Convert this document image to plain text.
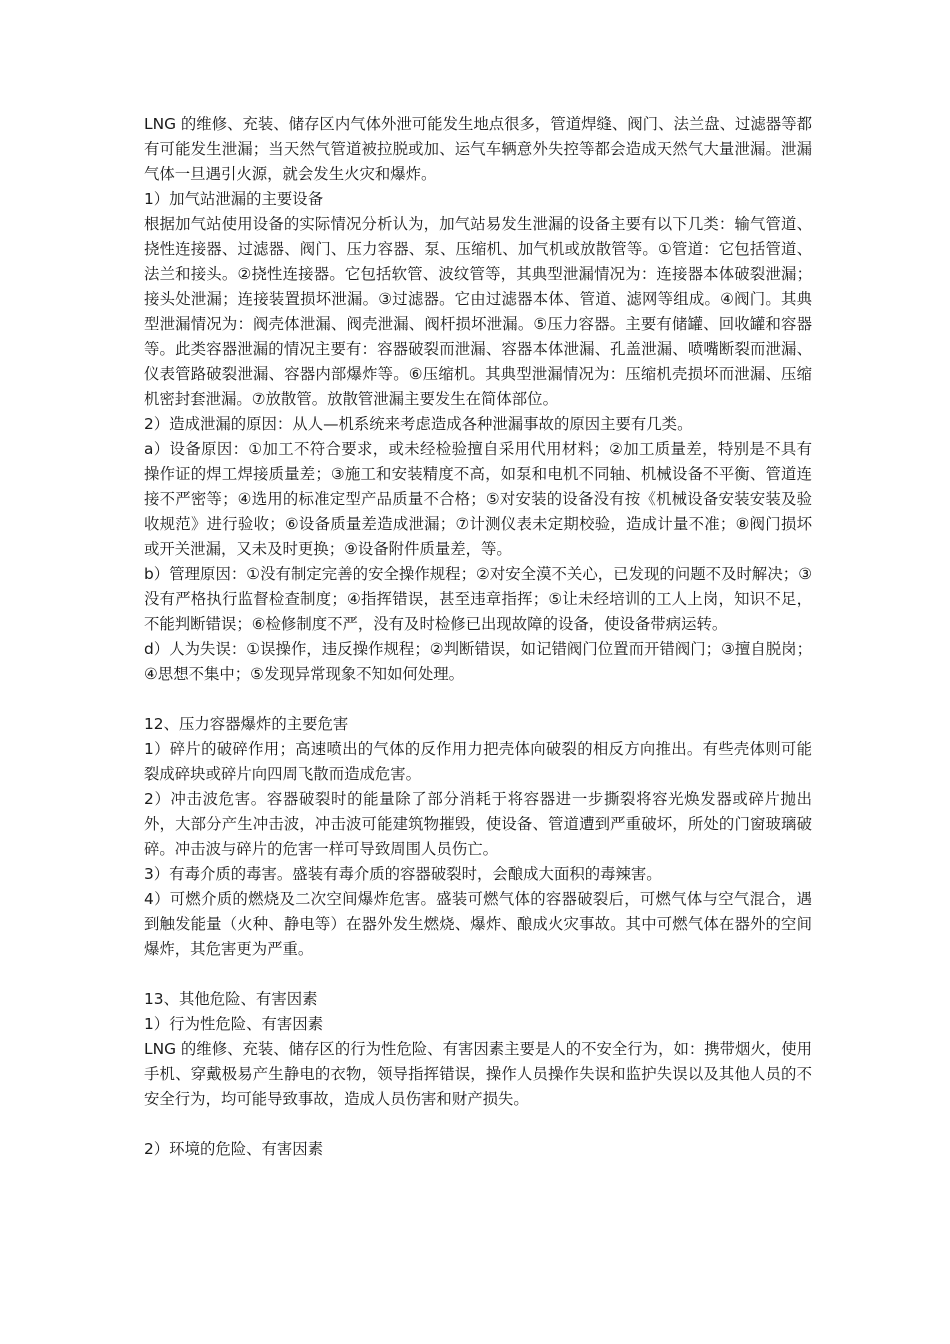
LNG 的维修、充装、储存区内气体外泄可能发生地点很多，管道焊缝、阀门、法兰盘、过滤器等都有可能发生泄漏；当天然气管道被拉脱或加、运气车辆意外失控等都会造成天然气大量泄漏。泄漏气体一旦遇引火源，就会发生火灾和爆炸。

1）加气站泄漏的主要设备

根据加气站使用设备的实际情况分析认为，加气站易发生泄漏的设备主要有以下几类：输气管道、挠性连接器、过滤器、阀门、压力容器、泵、压缩机、加气机或放散管等。①管道：它包括管道、法兰和接头。②挠性连接器。它包括软管、波纹管等，其典型泄漏情况为：连接器本体破裂泄漏；接头处泄漏；连接装置损坏泄漏。③过滤器。它由过滤器本体、管道、滤网等组成。④阀门。其典型泄漏情况为：阀壳体泄漏、阀壳泄漏、阀杆损坏泄漏。⑤压力容器。主要有储罐、回收罐和容器等。此类容器泄漏的情况主要有：容器破裂而泄漏、容器本体泄漏、孔盖泄漏、喷嘴断裂而泄漏、仪表管路破裂泄漏、容器内部爆炸等。⑥压缩机。其典型泄漏情况为：压缩机壳损坏而泄漏、压缩机密封套泄漏。⑦放散管。放散管泄漏主要发生在简体部位。

2）造成泄漏的原因：从人—机系统来考虑造成各种泄漏事故的原因主要有几类。

a）设备原因：①加工不符合要求，或未经检验擅自采用代用材料；②加工质量差，特别是不具有操作证的焊工焊接质量差；③施工和安装精度不高，如泵和电机不同轴、机械设备不平衡、管道连接不严密等；④选用的标准定型产品质量不合格；⑤对安装的设备没有按《机械设备安装安装及验收规范》进行验收；⑥设备质量差造成泄漏；⑦计测仪表未定期校验，造成计量不准；⑧阀门损坏或开关泄漏，又未及时更换；⑨设备附件质量差，等。

b）管理原因：①没有制定完善的安全操作规程；②对安全漠不关心，已发现的问题不及时解决；③没有严格执行监督检查制度；④指挥错误，甚至违章指挥；⑤让未经培训的工人上岗，知识不足，不能判断错误；⑥检修制度不严，没有及时检修已出现故障的设备，使设备带病运转。

d）人为失误：①误操作，违反操作规程；②判断错误，如记错阀门位置而开错阀门；③擅自脱岗；④思想不集中；⑤发现异常现象不知如何处理。

12、压力容器爆炸的主要危害

1）碎片的破碎作用；高速喷出的气体的反作用力把壳体向破裂的相反方向推出。有些壳体则可能裂成碎块或碎片向四周飞散而造成危害。

2）冲击波危害。容器破裂时的能量除了部分消耗于将容器进一步撕裂将容光焕发器或碎片抛出外，大部分产生冲击波，冲击波可能建筑物摧毁，使设备、管道遭到严重破坏，所处的门窗玻璃破碎。冲击波与碎片的危害一样可导致周围人员伤亡。

3）有毒介质的毒害。盛装有毒介质的容器破裂时，会酿成大面积的毒辣害。

4）可燃介质的燃烧及二次空间爆炸危害。盛装可燃气体的容器破裂后，可燃气体与空气混合，遇到触发能量（火种、静电等）在器外发生燃烧、爆炸、酿成火灾事故。其中可燃气体在器外的空间爆炸，其危害更为严重。

13、其他危险、有害因素

1）行为性危险、有害因素

LNG 的维修、充装、储存区的行为性危险、有害因素主要是人的不安全行为，如：携带烟火，使用手机、穿戴极易产生静电的衣物，领导指挥错误，操作人员操作失误和监护失误以及其他人员的不安全行为，均可能导致事故，造成人员伤害和财产损失。

2）环境的危险、有害因素
